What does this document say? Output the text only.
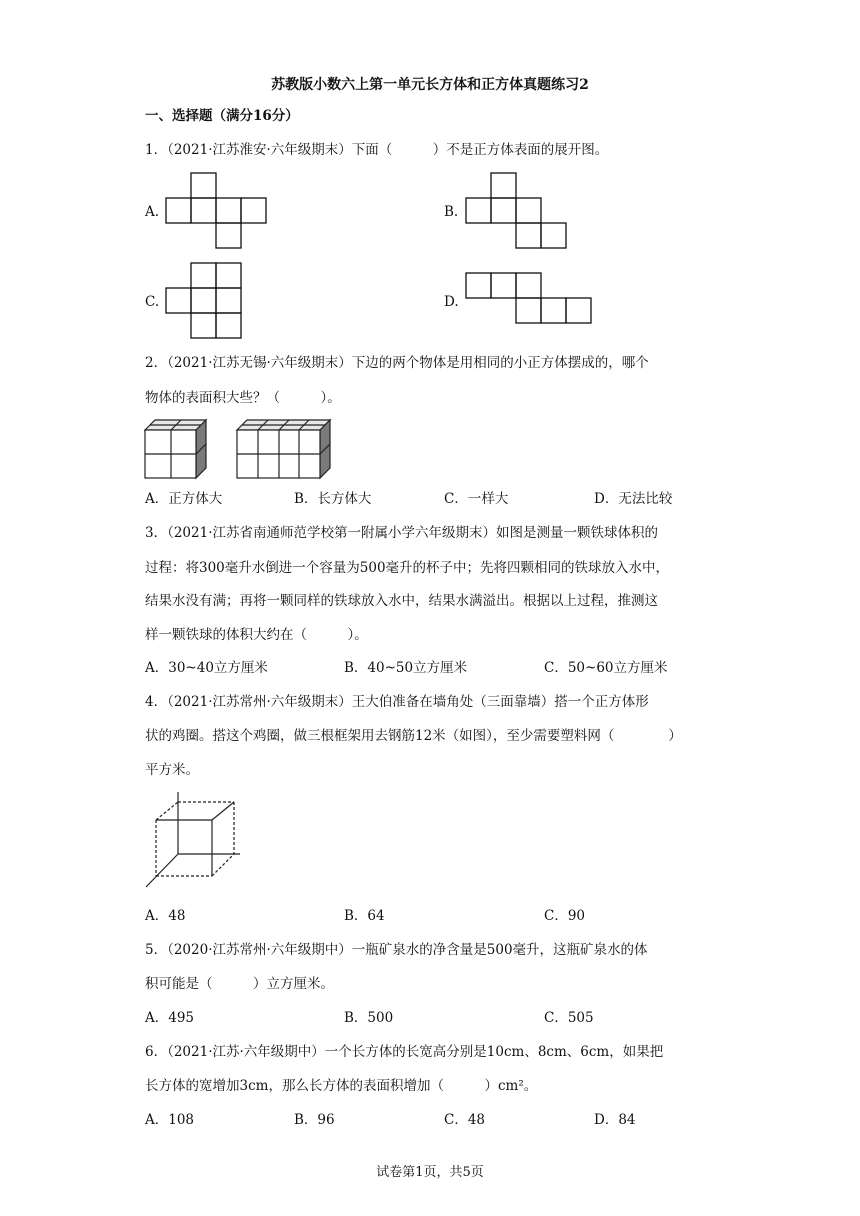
苏教版小数六上第一单元长方体和正方体真题练习2
一、选择题（满分16分）
1．（2021·江苏淮安·六年级期末）下面（　　　）不是正方体表面的展开图。
A.	B.
C.	D.
2．（2021·江苏无锡·六年级期末）下边的两个物体是用相同的小正方体摆成的，哪个
物体的表面积大些？（　　　）。
A．正方体大	B．长方体大	C．一样大	D．无法比较
3．（2021·江苏省南通师范学校第一附属小学六年级期末）如图是测量一颗铁球体积的
过程：将300毫升水倒进一个容量为500毫升的杯子中；先将四颗相同的铁球放入水中，
结果水没有满；再将一颗同样的铁球放入水中，结果水满溢出。根据以上过程，推测这
样一颗铁球的体积大约在（　　　）。
A．30~40立方厘米	B．40~50立方厘米	C．50~60立方厘米
4．（2021·江苏常州·六年级期末）王大伯准备在墙角处（三面靠墙）搭一个正方体形
状的鸡圈。搭这个鸡圈，做三根框架用去钢筋12米（如图），至少需要塑料网（　　　　）
平方米。
A．48	B．64	C．90
5．（2020·江苏常州·六年级期中）一瓶矿泉水的净含量是500毫升，这瓶矿泉水的体
积可能是（　　　）立方厘米。
A．495	B．500	C．505
6．（2021·江苏·六年级期中）一个长方体的长宽高分别是10cm、8cm、6cm，如果把
长方体的宽增加3cm，那么长方体的表面积增加（　　　）cm²。
A．108	B．96	C．48	D．84
试卷第1页，共5页
